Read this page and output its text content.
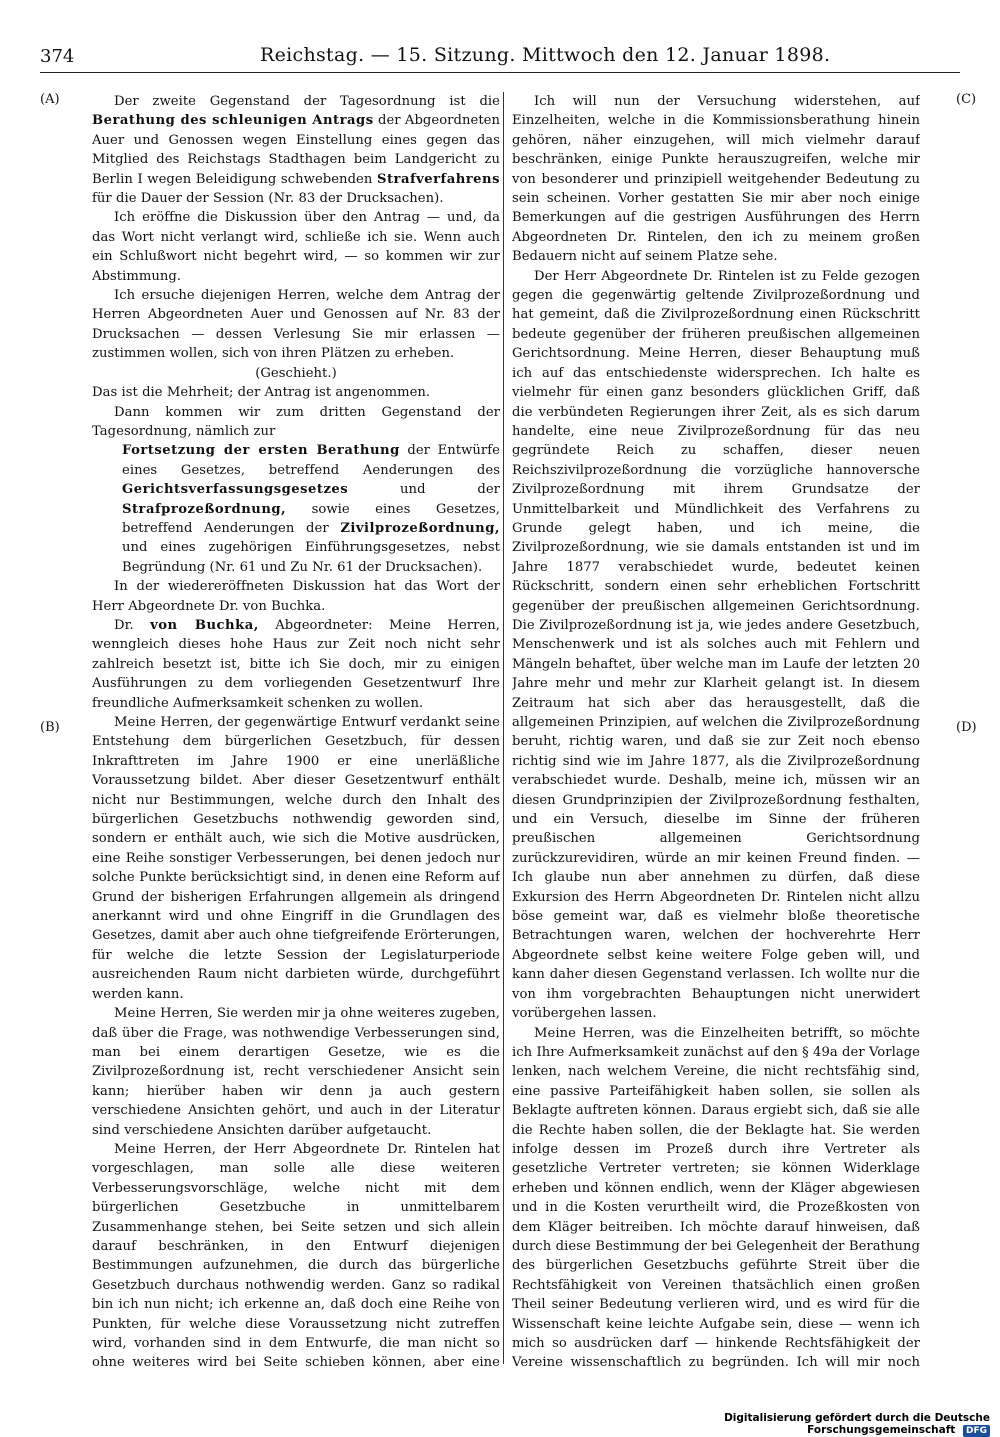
374	Reichstag. — 15. Sitzung. Mittwoch den 12. Januar 1898.
(A)
(B)
(C)
(D)

Der zweite Gegenstand der Tagesordnung ist die Berathung des schleunigen Antrags der Abgeordneten Auer und Genossen wegen Einstellung eines gegen das Mitglied des Reichstags Stadthagen beim Landgericht zu Berlin I wegen Beleidigung schwebenden Strafverfahrens für die Dauer der Session (Nr. 83 der Drucksachen).

Ich eröffne die Diskussion über den Antrag — und, da das Wort nicht verlangt wird, schließe ich sie. Wenn auch ein Schlußwort nicht begehrt wird, — so kommen wir zur Abstimmung.

Ich ersuche diejenigen Herren, welche dem Antrag der Herren Abgeordneten Auer und Genossen auf Nr. 83 der Drucksachen — dessen Verlesung Sie mir erlassen — zustimmen wollen, sich von ihren Plätzen zu erheben.

(Geschieht.)

Das ist die Mehrheit; der Antrag ist angenommen.

Dann kommen wir zum dritten Gegenstand der Tagesordnung, nämlich zur

Fortsetzung der ersten Berathung der Entwürfe eines Gesetzes, betreffend Aenderungen des Gerichtsverfassungsgesetzes	und der Strafprozeßordnung, sowie eines Gesetzes, betreffend Aenderungen der Zivilprozeßordnung, und eines zugehörigen Einführungsgesetzes, nebst Begründung (Nr. 61 und Zu Nr. 61 der Drucksachen).

In der wiedereröffneten Diskussion hat das Wort der Herr Abgeordnete Dr. von Buchka.

Dr. von Buchka, Abgeordneter: Meine Herren, wenngleich dieses hohe Haus zur Zeit noch nicht sehr zahlreich besetzt ist, bitte ich Sie doch, mir zu einigen Ausführungen zu dem vorliegenden Gesetzentwurf Ihre freundliche Aufmerksamkeit schenken zu wollen.

Meine Herren, der gegenwärtige Entwurf verdankt seine Entstehung dem bürgerlichen Gesetzbuch, für dessen Inkrafttreten im Jahre 1900 er eine unerläßliche Voraussetzung bildet. Aber dieser Gesetzentwurf enthält nicht nur Bestimmungen, welche durch den Inhalt des bürgerlichen Gesetzbuchs nothwendig geworden sind, sondern er enthält auch, wie sich die Motive ausdrücken, eine Reihe sonstiger Verbesserungen, bei denen jedoch nur solche Punkte berücksichtigt sind, in denen eine Reform auf Grund der bisherigen Erfahrungen allgemein als dringend anerkannt wird und ohne Eingriff in die Grundlagen des Gesetzes, damit aber auch ohne tiefgreifende Erörterungen, für welche die letzte Session der Legislaturperiode ausreichenden Raum nicht darbieten würde, durchgeführt werden kann.

Meine Herren, Sie werden mir ja ohne weiteres zugeben, daß über die Frage, was nothwendige Verbesserungen sind, man bei einem derartigen Gesetze, wie es die Zivilprozeßordnung ist, recht verschiedener Ansicht sein kann; hierüber haben wir denn ja auch gestern verschiedene Ansichten gehört, und auch in der Literatur sind verschiedene Ansichten darüber aufgetaucht.

Meine Herren, der Herr Abgeordnete Dr. Rintelen hat vorgeschlagen, man solle alle diese weiteren Verbesserungsvorschläge, welche nicht mit dem bürgerlichen Gesetzbuche in unmittelbarem Zusammenhange stehen, bei Seite setzen und sich allein darauf beschränken, in den Entwurf diejenigen Bestimmungen aufzunehmen, die durch das bürgerliche Gesetzbuch durchaus nothwendig werden. Ganz so radikal bin ich nun nicht; ich erkenne an, daß doch eine Reihe von Punkten, für welche diese Voraussetzung nicht zutreffen wird, vorhanden sind in dem Entwurfe, die man nicht so ohne weiteres wird bei Seite schieben können, aber eine

Ich will nun der Versuchung widerstehen, auf Einzelheiten, welche in die Kommissionsberathung hinein gehören, näher einzugehen, will mich vielmehr darauf beschränken, einige Punkte herauszugreifen, welche mir von besonderer und prinzipiell weitgehender Bedeutung zu sein scheinen. Vorher gestatten Sie mir aber noch einige Bemerkungen auf die gestrigen Ausführungen des Herrn Abgeordneten Dr. Rintelen, den ich zu meinem großen Bedauern nicht auf seinem Platze sehe.

Der Herr Abgeordnete Dr. Rintelen ist zu Felde gezogen gegen die gegenwärtig geltende Zivilprozeßordnung und hat gemeint, daß die Zivilprozeßordnung einen Rückschritt bedeute gegenüber der früheren preußischen allgemeinen Gerichtsordnung. Meine Herren, dieser Behauptung muß ich auf das entschiedenste widersprechen. Ich halte es vielmehr für einen ganz besonders glücklichen Griff, daß die verbündeten Regierungen ihrer Zeit, als es sich darum handelte, eine neue Zivilprozeßordnung für das neu gegründete Reich zu schaffen, dieser neuen Reichszivilprozeßordnung die vorzügliche hannoversche Zivilprozeßordnung mit ihrem Grundsatze der Unmittelbarkeit und Mündlichkeit des Verfahrens zu Grunde gelegt haben, und ich meine, die Zivilprozeßordnung, wie sie damals entstanden ist und im Jahre 1877 verabschiedet wurde, bedeutet keinen Rückschritt, sondern einen sehr erheblichen Fortschritt gegenüber der preußischen allgemeinen Gerichtsordnung. Die Zivilprozeßordnung ist ja, wie jedes andere Gesetzbuch, Menschenwerk und ist als solches auch mit Fehlern und Mängeln behaftet, über welche man im Laufe der letzten 20 Jahre mehr und mehr zur Klarheit gelangt ist. In diesem Zeitraum hat sich aber das herausgestellt, daß die allgemeinen Prinzipien, auf welchen die Zivilprozeßordnung beruht, richtig waren, und daß sie zur Zeit noch ebenso richtig sind wie im Jahre 1877, als die Zivilprozeßordnung verabschiedet wurde. Deshalb, meine ich, müssen wir an diesen Grundprinzipien der Zivilprozeßordnung festhalten, und ein Versuch, dieselbe im Sinne der früheren preußischen allgemeinen Gerichtsordnung zurückzurevidiren, würde an mir keinen Freund finden. — Ich glaube nun aber annehmen zu dürfen, daß diese Exkursion des Herrn Abgeordneten Dr. Rintelen nicht allzu böse gemeint war, daß es vielmehr bloße theoretische Betrachtungen waren, welchen der hochverehrte Herr Abgeordnete selbst keine weitere Folge geben will, und kann daher diesen Gegenstand verlassen. Ich wollte nur die von ihm vorgebrachten Behauptungen nicht unerwidert vorübergehen lassen.

Meine Herren, was die Einzelheiten betrifft, so möchte ich Ihre Aufmerksamkeit zunächst auf den § 49a der Vorlage lenken, nach welchem Vereine, die nicht rechtsfähig sind, eine passive Parteifähigkeit haben sollen, sie sollen als Beklagte auftreten können. Daraus ergiebt sich, daß sie alle die Rechte haben sollen, die der Beklagte hat. Sie werden infolge dessen im Prozeß durch ihre Vertreter als gesetzliche Vertreter vertreten; sie können Widerklage erheben und können endlich, wenn der Kläger abgewiesen und in die Kosten verurtheilt wird, die Prozeßkosten von dem Kläger beitreiben. Ich möchte darauf hinweisen, daß durch diese Bestimmung der bei Gelegenheit der Berathung des bürgerlichen Gesetzbuchs geführte Streit über die Rechtsfähigkeit von Vereinen thatsächlich einen großen Theil seiner Bedeutung verlieren wird, und es wird für die Wissenschaft keine leichte Aufgabe sein, diese — wenn ich mich so ausdrücken darf — hinkende Rechtsfähigkeit der Vereine wissenschaftlich zu begründen. Ich will mir noch

Digitalisierung gefördert durch die Deutsche Forschungsgemeinschaft DFG
